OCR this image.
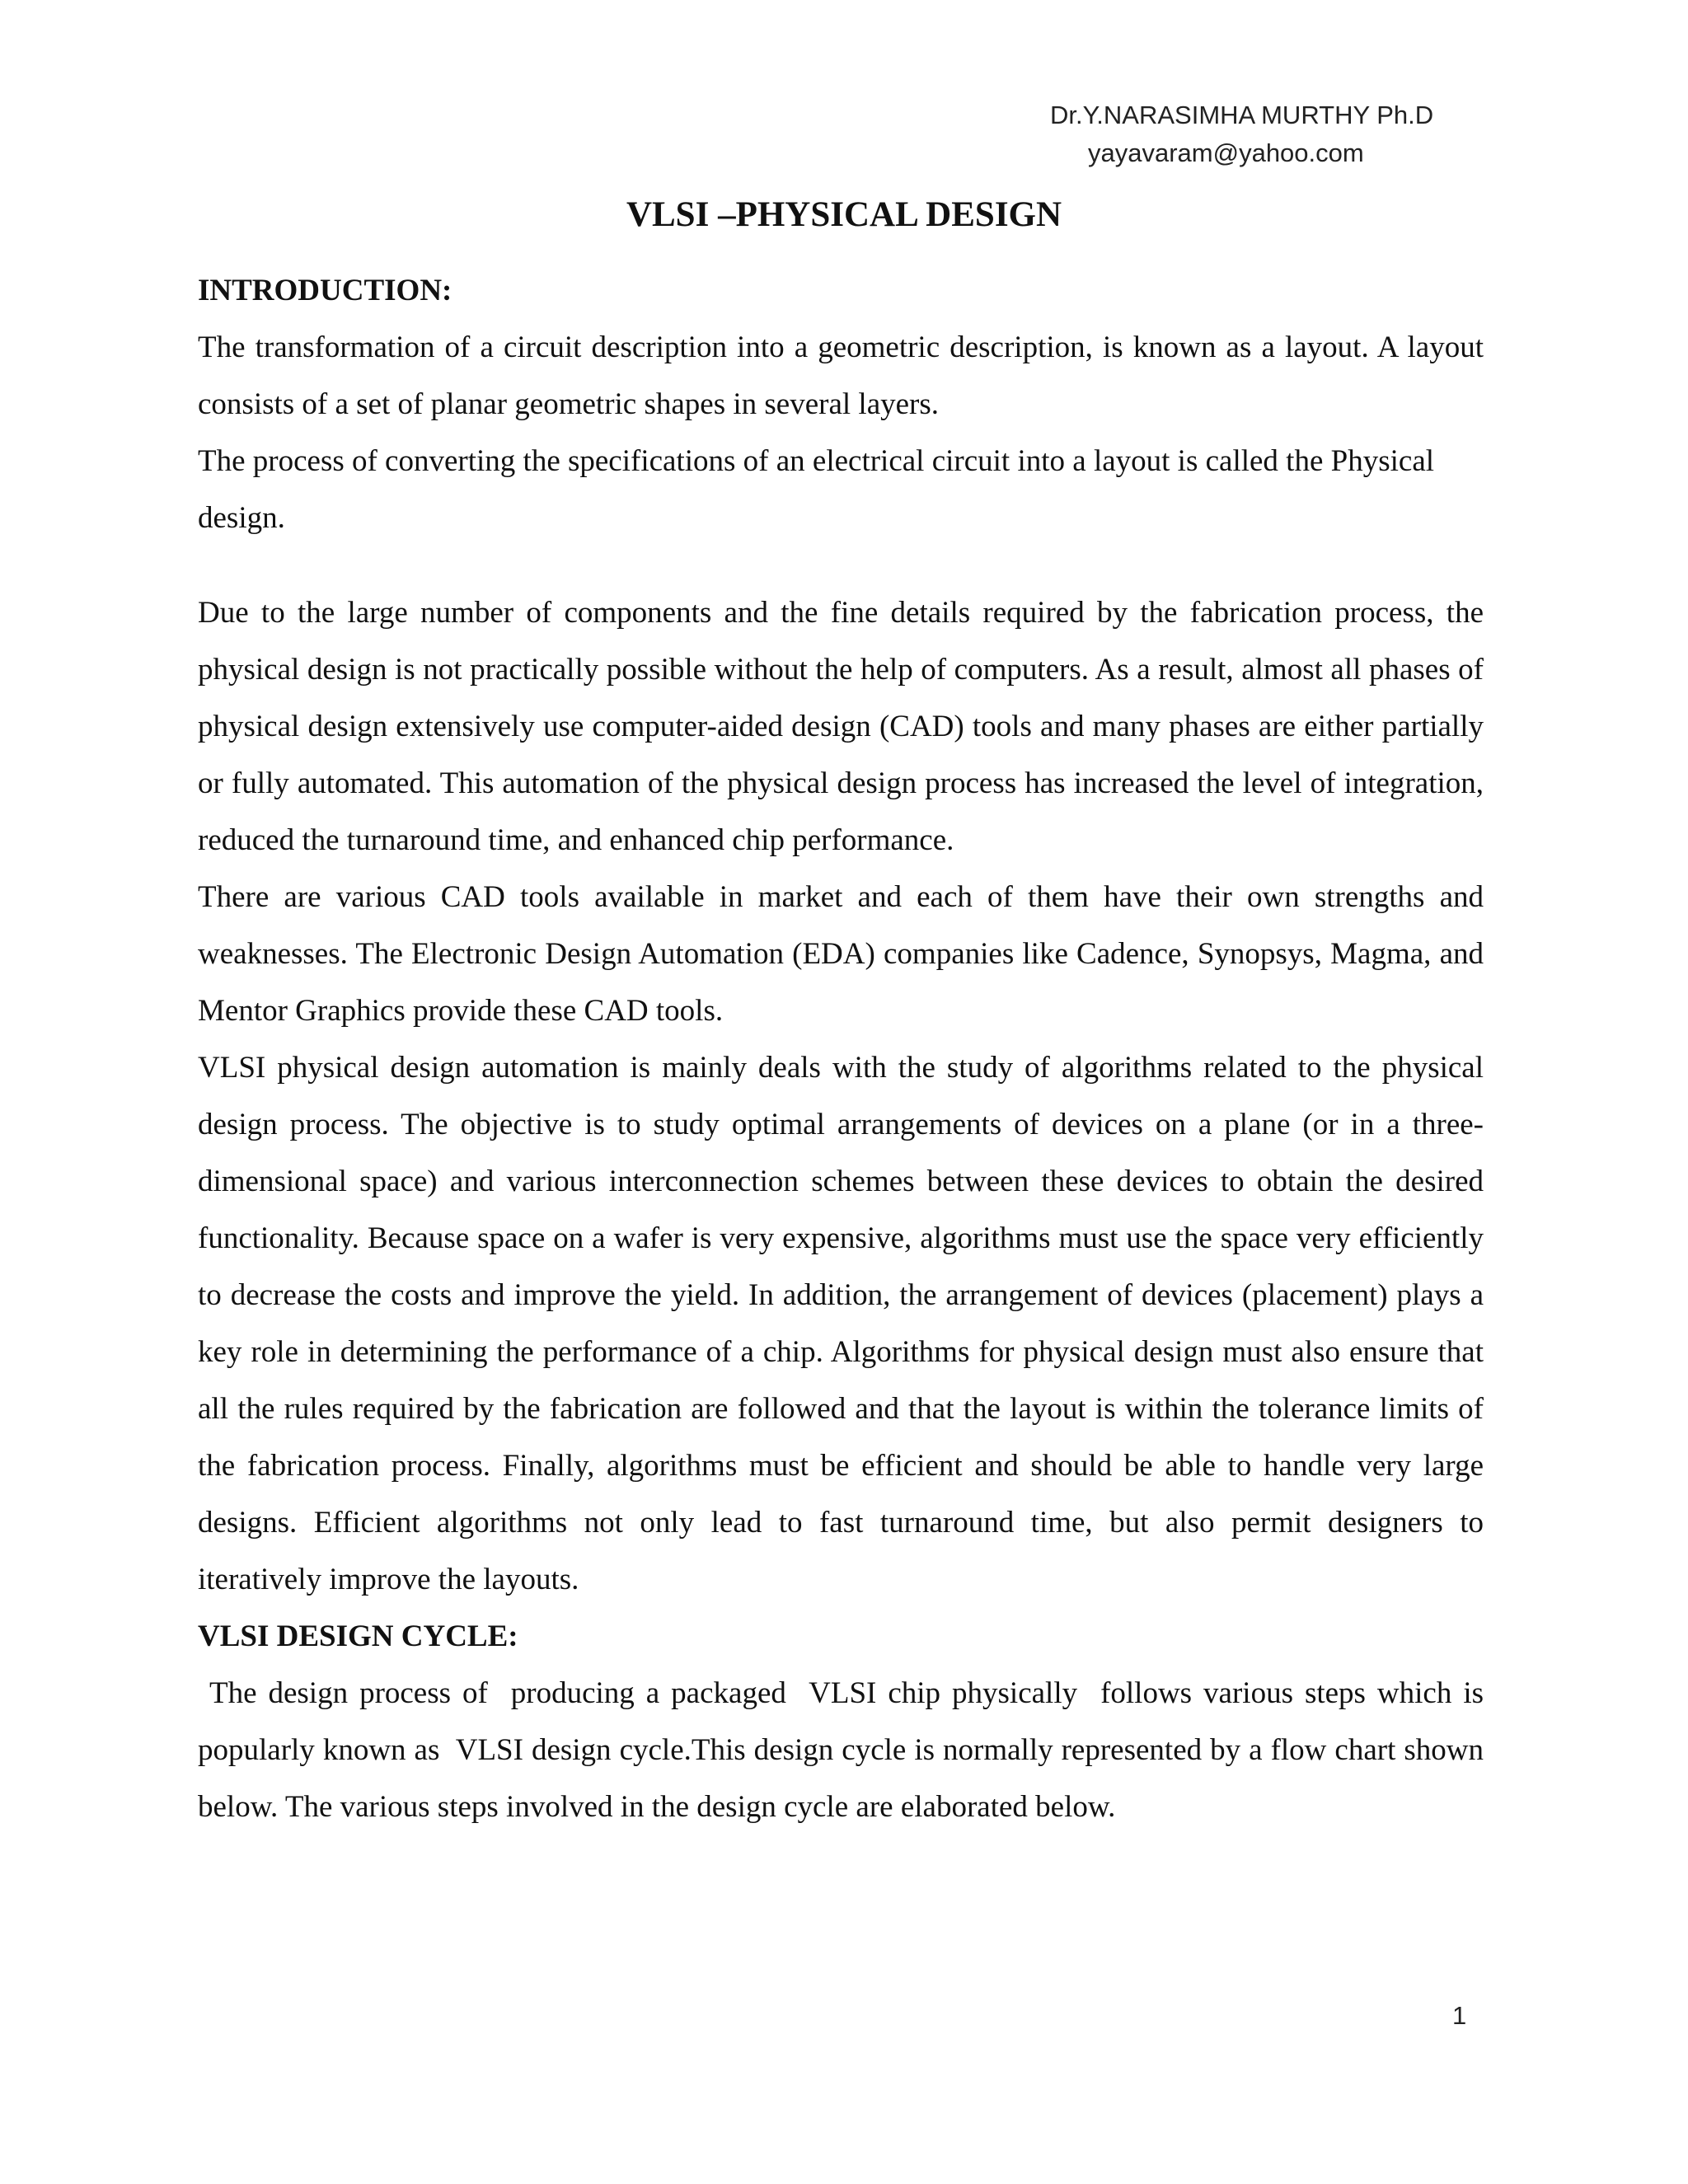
Dr.Y.NARASIMHA MURTHY Ph.D
yayavaram@yahoo.com
VLSI –PHYSICAL DESIGN

INTRODUCTION:

The transformation of a circuit description into a geometric description, is known as a layout. A layout consists of a set of planar geometric shapes in several layers.

The process of converting the specifications of an electrical circuit into a layout is called the Physical design.

Due to the large number of components and the fine details required by the fabrication process, the physical design is not practically possible without the help of computers. As a result, almost all phases of physical design extensively use computer-aided design (CAD) tools and many phases are either partially or fully automated. This automation of the physical design process has increased the level of integration, reduced the turnaround time, and enhanced chip performance.

There are various CAD tools available in market and each of them have their own strengths and weaknesses. The Electronic Design Automation (EDA) companies like Cadence, Synopsys, Magma, and Mentor Graphics provide these CAD tools.

VLSI physical design automation is mainly deals with the study of algorithms related to the physical design process. The objective is to study optimal arrangements of devices on a plane (or in a three-dimensional space) and various interconnection schemes between these devices to obtain the desired functionality. Because space on a wafer is very expensive, algorithms must use the space very efficiently to decrease the costs and improve the yield. In addition, the arrangement of devices (placement) plays a key role in determining the performance of a chip. Algorithms for physical design must also ensure that all the rules required by the fabrication are followed and that the layout is within the tolerance limits of the fabrication process. Finally, algorithms must be efficient and should be able to handle very large designs. Efficient algorithms not only lead to fast turnaround time, but also permit designers to iteratively improve the layouts.

VLSI DESIGN CYCLE:

The design process of  producing a packaged  VLSI chip physically  follows various steps which is popularly known as  VLSI design cycle.This design cycle is normally represented by a flow chart shown below. The various steps involved in the design cycle are elaborated below.

1
